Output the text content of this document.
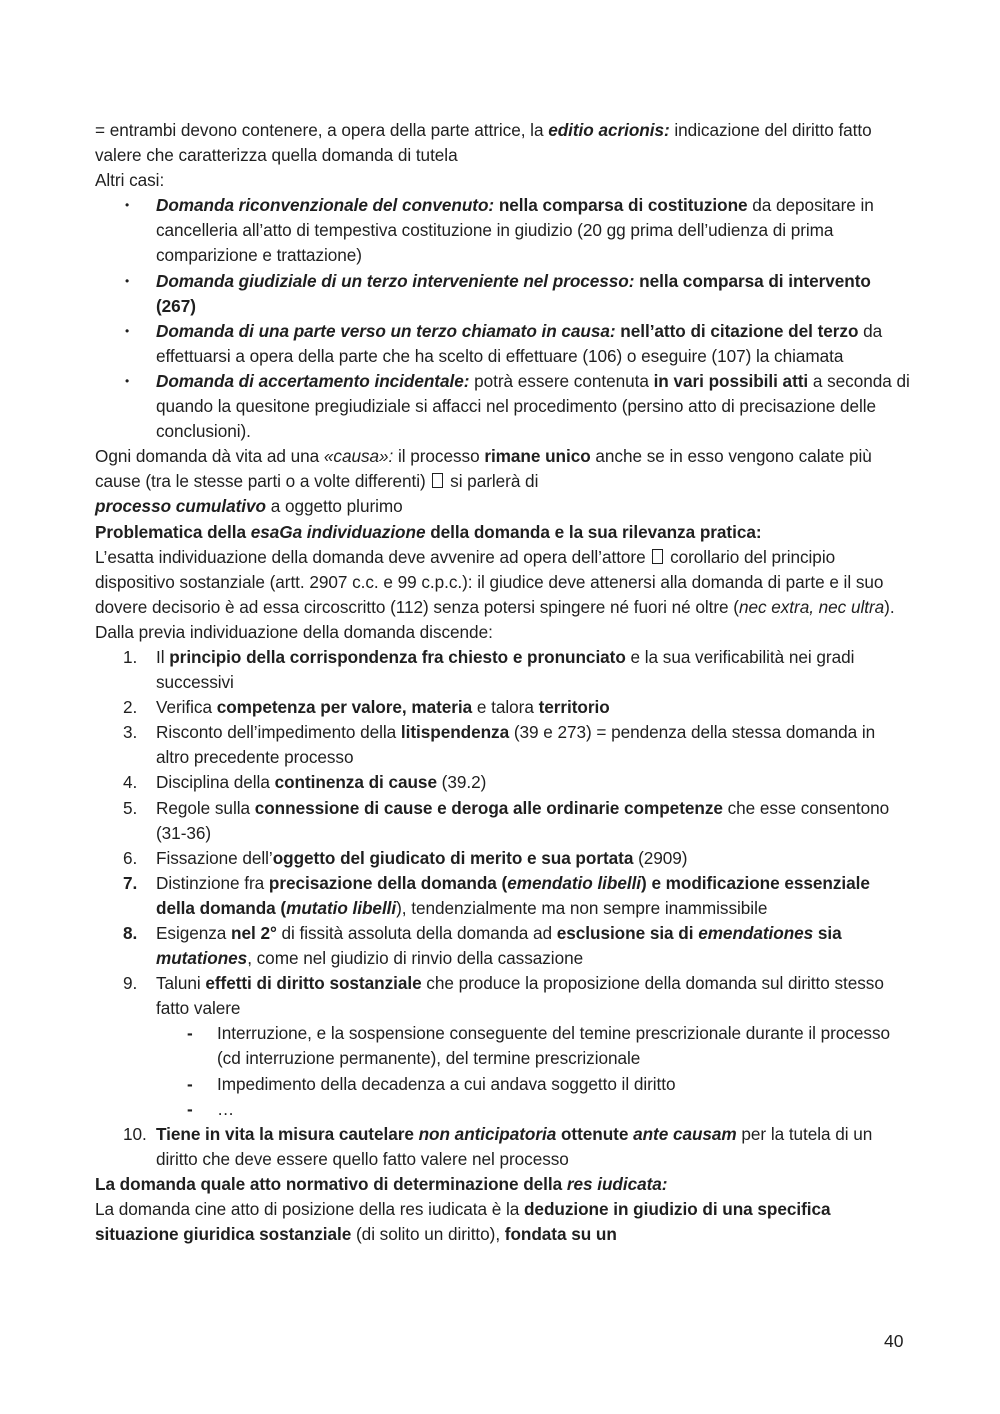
= entrambi devono contenere, a opera della parte attrice, la editio acrionis: indicazione del diritto fatto valere che caratterizza quella domanda di tutela

Altri casi:

• Domanda riconvenzionale del convenuto: nella comparsa di costituzione da depositare in cancelleria all’atto di tempestiva costituzione in giudizio (20 gg prima dell’udienza di prima comparizione e trattazione)
• Domanda giudiziale di un terzo interveniente nel processo: nella comparsa di intervento (267)
• Domanda di una parte verso un terzo chiamato in causa: nell’atto di citazione del terzo da effettuarsi a opera della parte che ha scelto di effettuare (106) o eseguire (107) la chiamata
• Domanda di accertamento incidentale: potrà essere contenuta in vari possibili atti a seconda di quando la quesitone pregiudiziale si affacci nel procedimento (persino atto di precisazione delle conclusioni).

Ogni domanda dà vita ad una «causa»: il processo rimane unico anche se in esso vengono calate più cause (tra le stesse parti o a volte differenti)  si parlerà di
processo cumulativo a oggetto plurimo

Problematica della esaGa individuazione della domanda e la sua rilevanza pratica:

L’esatta individuazione della domanda deve avvenire ad opera dell’attore  corollario del principio dispositivo sostanziale (artt. 2907 c.c. e 99 c.p.c.): il giudice deve attenersi alla domanda di parte e il suo dovere decisorio è ad essa circoscritto (112) senza potersi spingere né fuori né oltre (nec extra, nec ultra).

Dalla previa individuazione della domanda discende:

1. Il principio della corrispondenza fra chiesto e pronunciato e la sua verificabilità nei gradi successivi
2. Verifica competenza per valore, materia e talora territorio
3. Risconto dell’impedimento della litispendenza (39 e 273) = pendenza della stessa domanda in altro precedente processo
4. Disciplina della continenza di cause (39.2)
5. Regole sulla connessione di cause e deroga alle ordinarie competenze che esse consentono (31-36)
6. Fissazione dell’oggetto del giudicato di merito e sua portata (2909)
7. Distinzione fra precisazione della domanda (emendatio libelli) e modificazione essenziale della domanda (mutatio libelli), tendenzialmente ma non sempre inammissibile
8. Esigenza nel 2° di fissità assoluta della domanda ad esclusione sia di emendationes sia mutationes, come nel giudizio di rinvio della cassazione
9. Taluni effetti di diritto sostanziale che produce la proposizione della domanda sul diritto stesso fatto valere
- Interruzione, e la sospensione conseguente del temine prescrizionale durante il processo (cd interruzione permanente), del termine prescrizionale
- Impedimento della decadenza a cui andava soggetto il diritto
- …
10. Tiene in vita la misura cautelare non anticipatoria ottenute ante causam per la tutela di un diritto che deve essere quello fatto valere nel processo

La domanda quale atto normativo di determinazione della res iudicata:

La domanda cine atto di posizione della res iudicata è la deduzione in giudizio di una specifica situazione giuridica sostanziale (di solito un diritto), fondata su un

40
